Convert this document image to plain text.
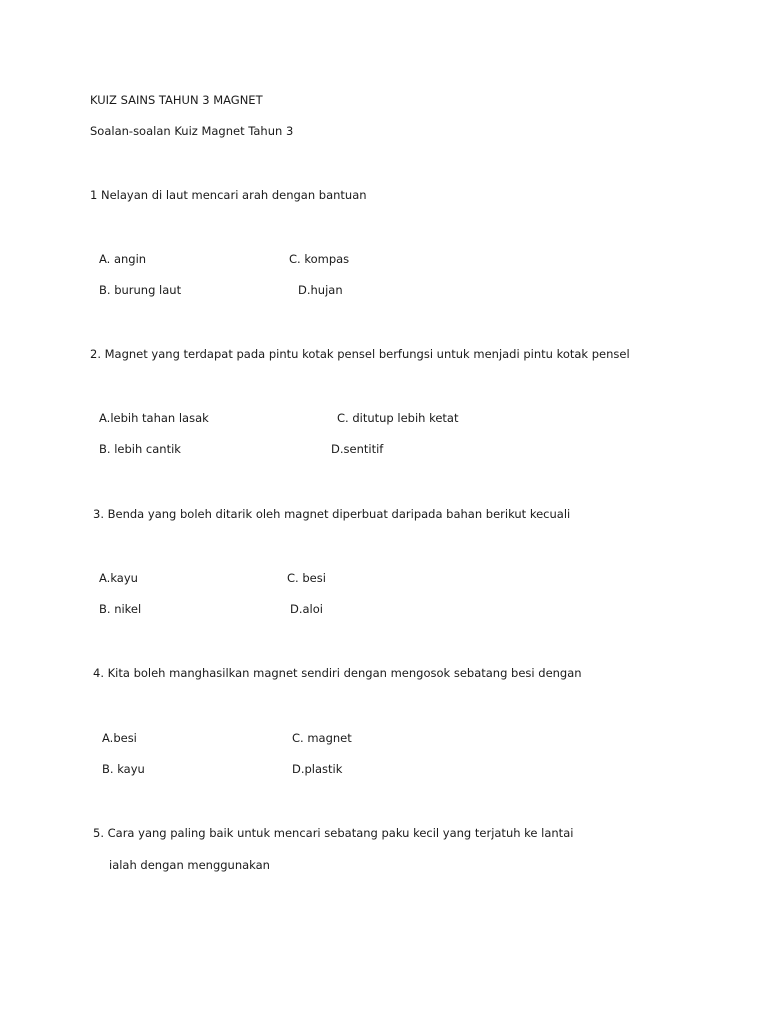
KUIZ SAINS TAHUN 3 MAGNET
Soalan-soalan Kuiz Magnet Tahun 3
1 Nelayan di laut mencari arah dengan bantuan
A. angin	C. kompas
B. burung laut	D.hujan
2. Magnet yang terdapat pada pintu kotak pensel berfungsi untuk menjadi pintu kotak pensel
A.lebih tahan lasak	C. ditutup lebih ketat
B. lebih cantik	D.sentitif
3. Benda yang boleh ditarik oleh magnet diperbuat daripada bahan berikut kecuali
A.kayu	C. besi
B. nikel	D.aloi
4. Kita boleh manghasilkan magnet sendiri dengan mengosok sebatang besi dengan
A.besi	C. magnet
B. kayu	D.plastik
5. Cara yang paling baik untuk mencari sebatang paku kecil yang terjatuh ke lantai
ialah dengan menggunakan
